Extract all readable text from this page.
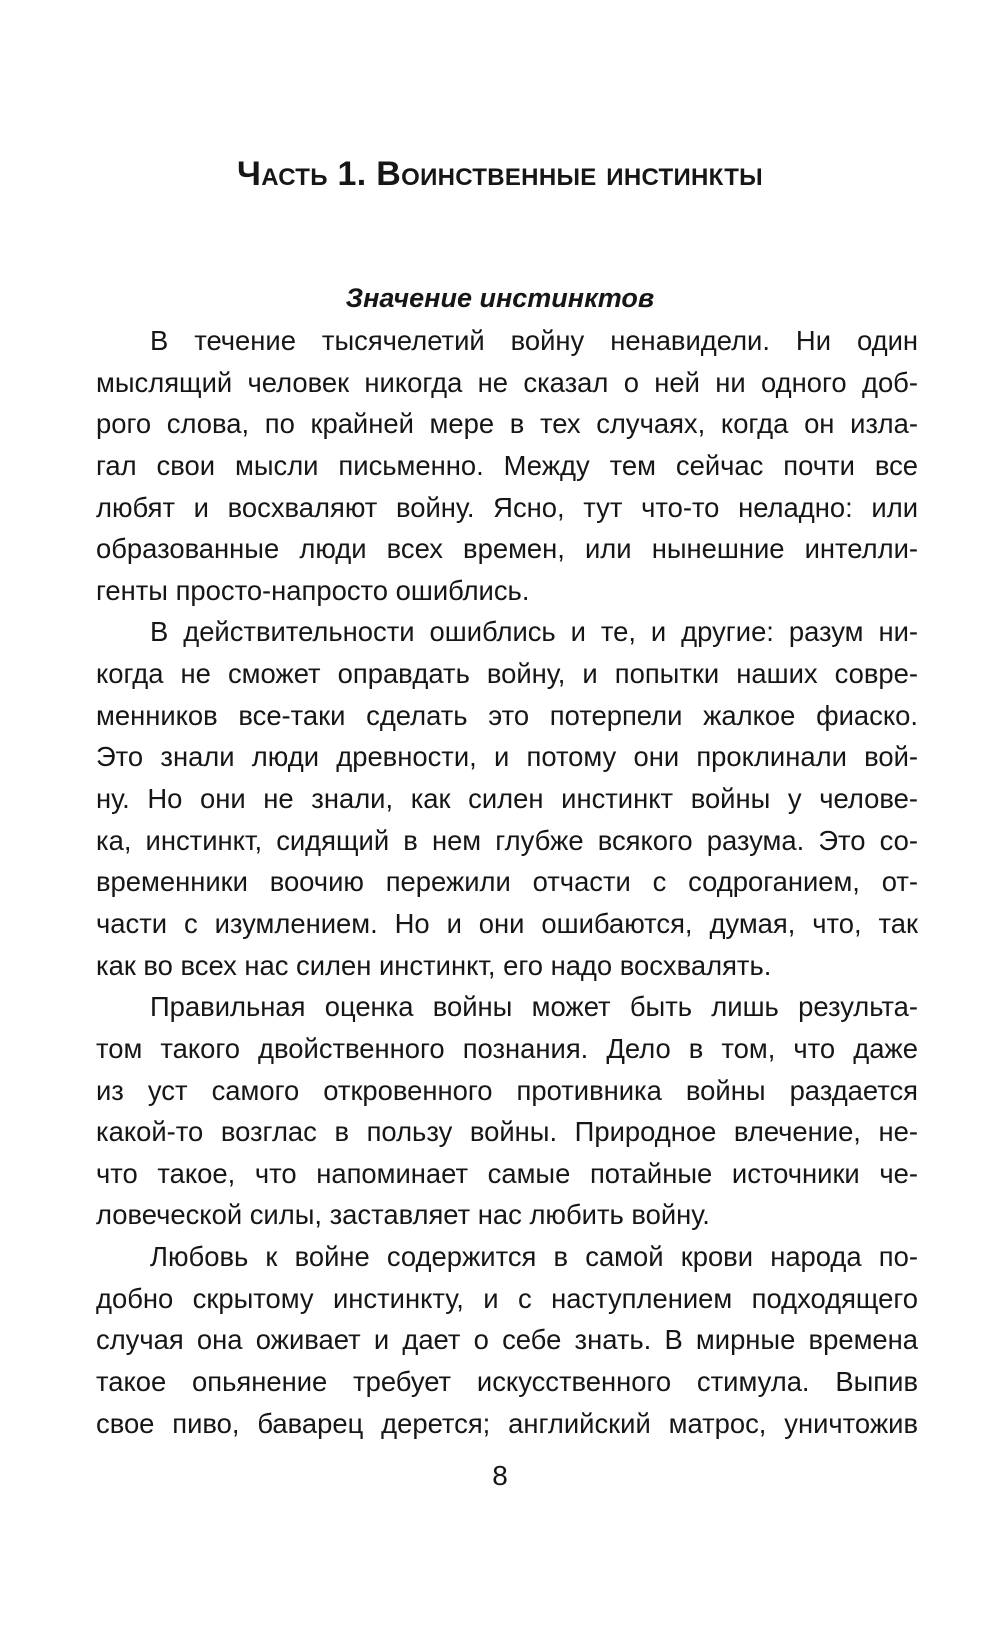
Часть 1. Воинственные инстинкты
Значение инстинктов
В течение тысячелетий войну ненавидели. Ни один
мыслящий человек никогда не сказал о ней ни одного доб-
рого слова, по крайней мере в тех случаях, когда он изла-
гал свои мысли письменно. Между тем сейчас почти все
любят и восхваляют войну. Ясно, тут что-то неладно: или
образованные люди всех времен, или нынешние интелли-
генты просто-напросто ошиблись.
В действительности ошиблись и те, и другие: разум ни-
когда не сможет оправдать войну, и попытки наших совре-
менников все-таки сделать это потерпели жалкое фиаско.
Это знали люди древности, и потому они проклинали вой-
ну. Но они не знали, как силен инстинкт войны у челове-
ка, инстинкт, сидящий в нем глубже всякого разума. Это со-
временники воочию пережили отчасти с содроганием, от-
части с изумлением. Но и они ошибаются, думая, что, так
как во всех нас силен инстинкт, его надо восхвалять.
Правильная оценка войны может быть лишь результа-
том такого двойственного познания. Дело в том, что даже
из уст самого откровенного противника войны раздается
какой-то возглас в пользу войны. Природное влечение, не-
что такое, что напоминает самые потайные источники че-
ловеческой силы, заставляет нас любить войну.
Любовь к войне содержится в самой крови народа по-
добно скрытому инстинкту, и с наступлением подходящего
случая она оживает и дает о себе знать. В мирные времена
такое опьянение требует искусственного стимула. Выпив
свое пиво, баварец дерется; английский матрос, уничтожив
8
